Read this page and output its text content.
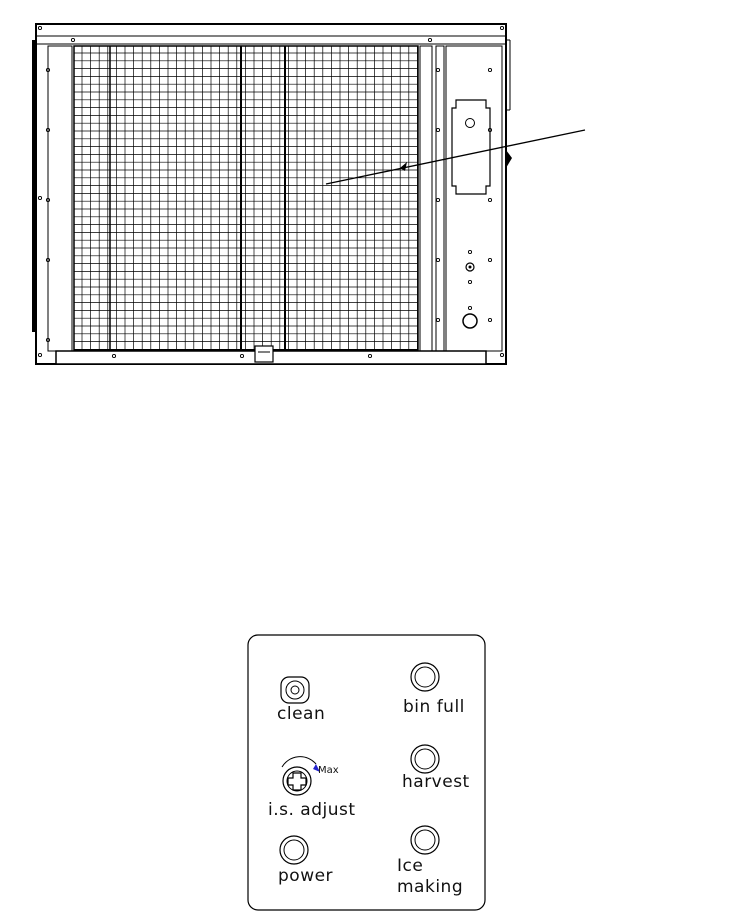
clean	bin full
Max
harvest
i.s. adjust
power	Ice
making
